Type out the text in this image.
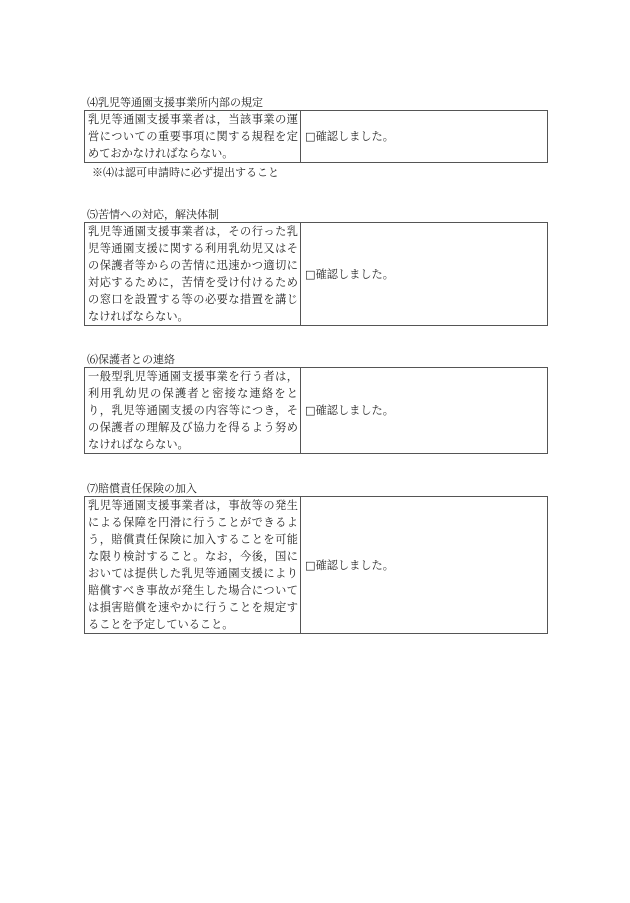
⑷乳児等通園支援事業所内部の規定
乳児等通園支援事業者は，当該事業の運営についての重要事項に関する規程を定めておかなければならない。	□確認しました。
※⑷は認可申請時に必ず提出すること
⑸苦情への対応，解決体制
乳児等通園支援事業者は，その行った乳児等通園支援に関する利用乳幼児又はその保護者等からの苦情に迅速かつ適切に対応するために，苦情を受け付けるための窓口を設置する等の必要な措置を講じなければならない。	□確認しました。
⑹保護者との連絡
一般型乳児等通園支援事業を行う者は，利用乳幼児の保護者と密接な連絡をとり，乳児等通園支援の内容等につき，その保護者の理解及び協力を得るよう努めなければならない。	□確認しました。
⑺賠償責任保険の加入
乳児等通園支援事業者は，事故等の発生による保障を円滑に行うことができるよう，賠償責任保険に加入することを可能な限り検討すること。なお，今後，国においては提供した乳児等通園支援により賠償すべき事故が発生した場合については損害賠償を速やかに行うことを規定することを予定していること。	□確認しました。
